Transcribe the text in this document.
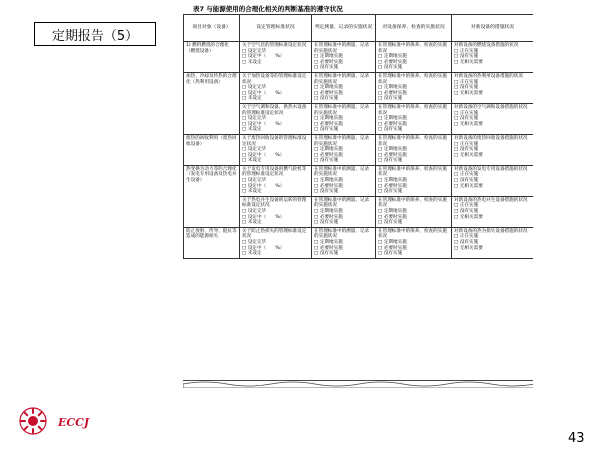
定期报告（5）
表7 与能源使用的合理化相关的判断基准的遵守状况
项目对象（设备）	设定管理标准状况	判定测量、记录的实施状况	对设备保养、检查的实施状况	对新设备的措施状况
1) 燃料燃烧的合理化（燃烧设备）	关于空气比的管理标准设定状况
□ 设定完毕
□ 设定中（　　%）
□ 未设定	在管理标准中的测量、记录的实施状况
□ 定期地实施
□ 必要时实施
□ 没有实施	在管理标准中的保养、检查的实施状况
□ 定期地实施
□ 必要时实施
□ 没有实施	对新设备的燃烧设备措施的状况
□ 正在实施
□ 没有实施
□ 无相关需要

加热、冷却及传热的合理化（热利用设备）	关于加热设备等的管理标准设定状况
□ 设定完毕
□ 设定中（　　%）
□ 未设定	在管理标准中的测量、记录的实施状况
□ 定期地实施
□ 必要时实施
□ 没有实施	在管理标准中的保养、检查的实施状况
□ 定期地实施
□ 必要时实施
□ 没有实施	对新设备的热利用设备措施的状况
□ 正在实施
□ 没有实施
□ 无相关需要

	关于空气调和设备、供热水设备的管理标准设定状况
□ 设定完毕
□ 设定中（　　%）
□ 未设定	在管理标准中的测量、记录的实施状况
□ 定期地实施
□ 必要时实施
□ 没有实施	在管理标准中的保养、检查的实施状况
□ 定期地实施
□ 必要时实施
□ 没有实施	对新设备的空气调和设备措施的状况
□ 正在实施
□ 没有实施
□ 无相关需要

废热的回收利用（废热回收设备）	关于废热回收设备的管理标准设定状况
□ 设定完毕
□ 设定中（　　%）
□ 未设定	在管理标准中的测量、记录的实施状况
□ 定期地实施
□ 必要时实施
□ 没有实施	在管理标准中的保养、检查的实施状况
□ 定期地实施
□ 必要时实施
□ 没有实施	对新设备的废热回收设备措施的状况
□ 正在实施
□ 没有实施
□ 无相关需要

热变换为动力等的合理化（发电专用设备及热电并生设备）	关于发电专用设备的燃气轮机等的管理标准设定状况
□ 设定完毕
□ 设定中（　　%）
□ 未设定	在管理标准中的测量、记录的实施状况
□ 定期地实施
□ 必要时实施
□ 没有实施	在管理标准中的保养、检查的实施状况
□ 定期地实施
□ 必要时实施
□ 没有实施	对新设备的发电专用设备措施的状况
□ 正在实施
□ 没有实施
□ 无相关需要

	关于热电并生设备的运转的管理标准设定状况
□ 设定完毕
□ 设定中（　　%）
□ 未设定	在管理标准中的测量、记录的实施状况
□ 定期地实施
□ 必要时实施
□ 没有实施	在管理标准中的保养、检查的实施状况
□ 定期地实施
□ 必要时实施
□ 没有实施	对新设备的热电并生设备措施的状况
□ 正在实施
□ 没有实施
□ 无相关需要

防止放射、传导、阻抗等造成的能源损失	关于防止热损失的管理标准设定状况
□ 设定完毕
□ 设定中（　　%）
□ 未设定	在管理标准中的测量、记录的实施状况
□ 定期地实施
□ 必要时实施
□ 没有实施	在管理标准中的保养、检查的实施状况
□ 定期地实施
□ 必要时实施
□ 没有实施	对新设备的热为损失设备措施的状况
□ 正在实施
□ 没有实施
□ 无相关需要
ECCJ
43
